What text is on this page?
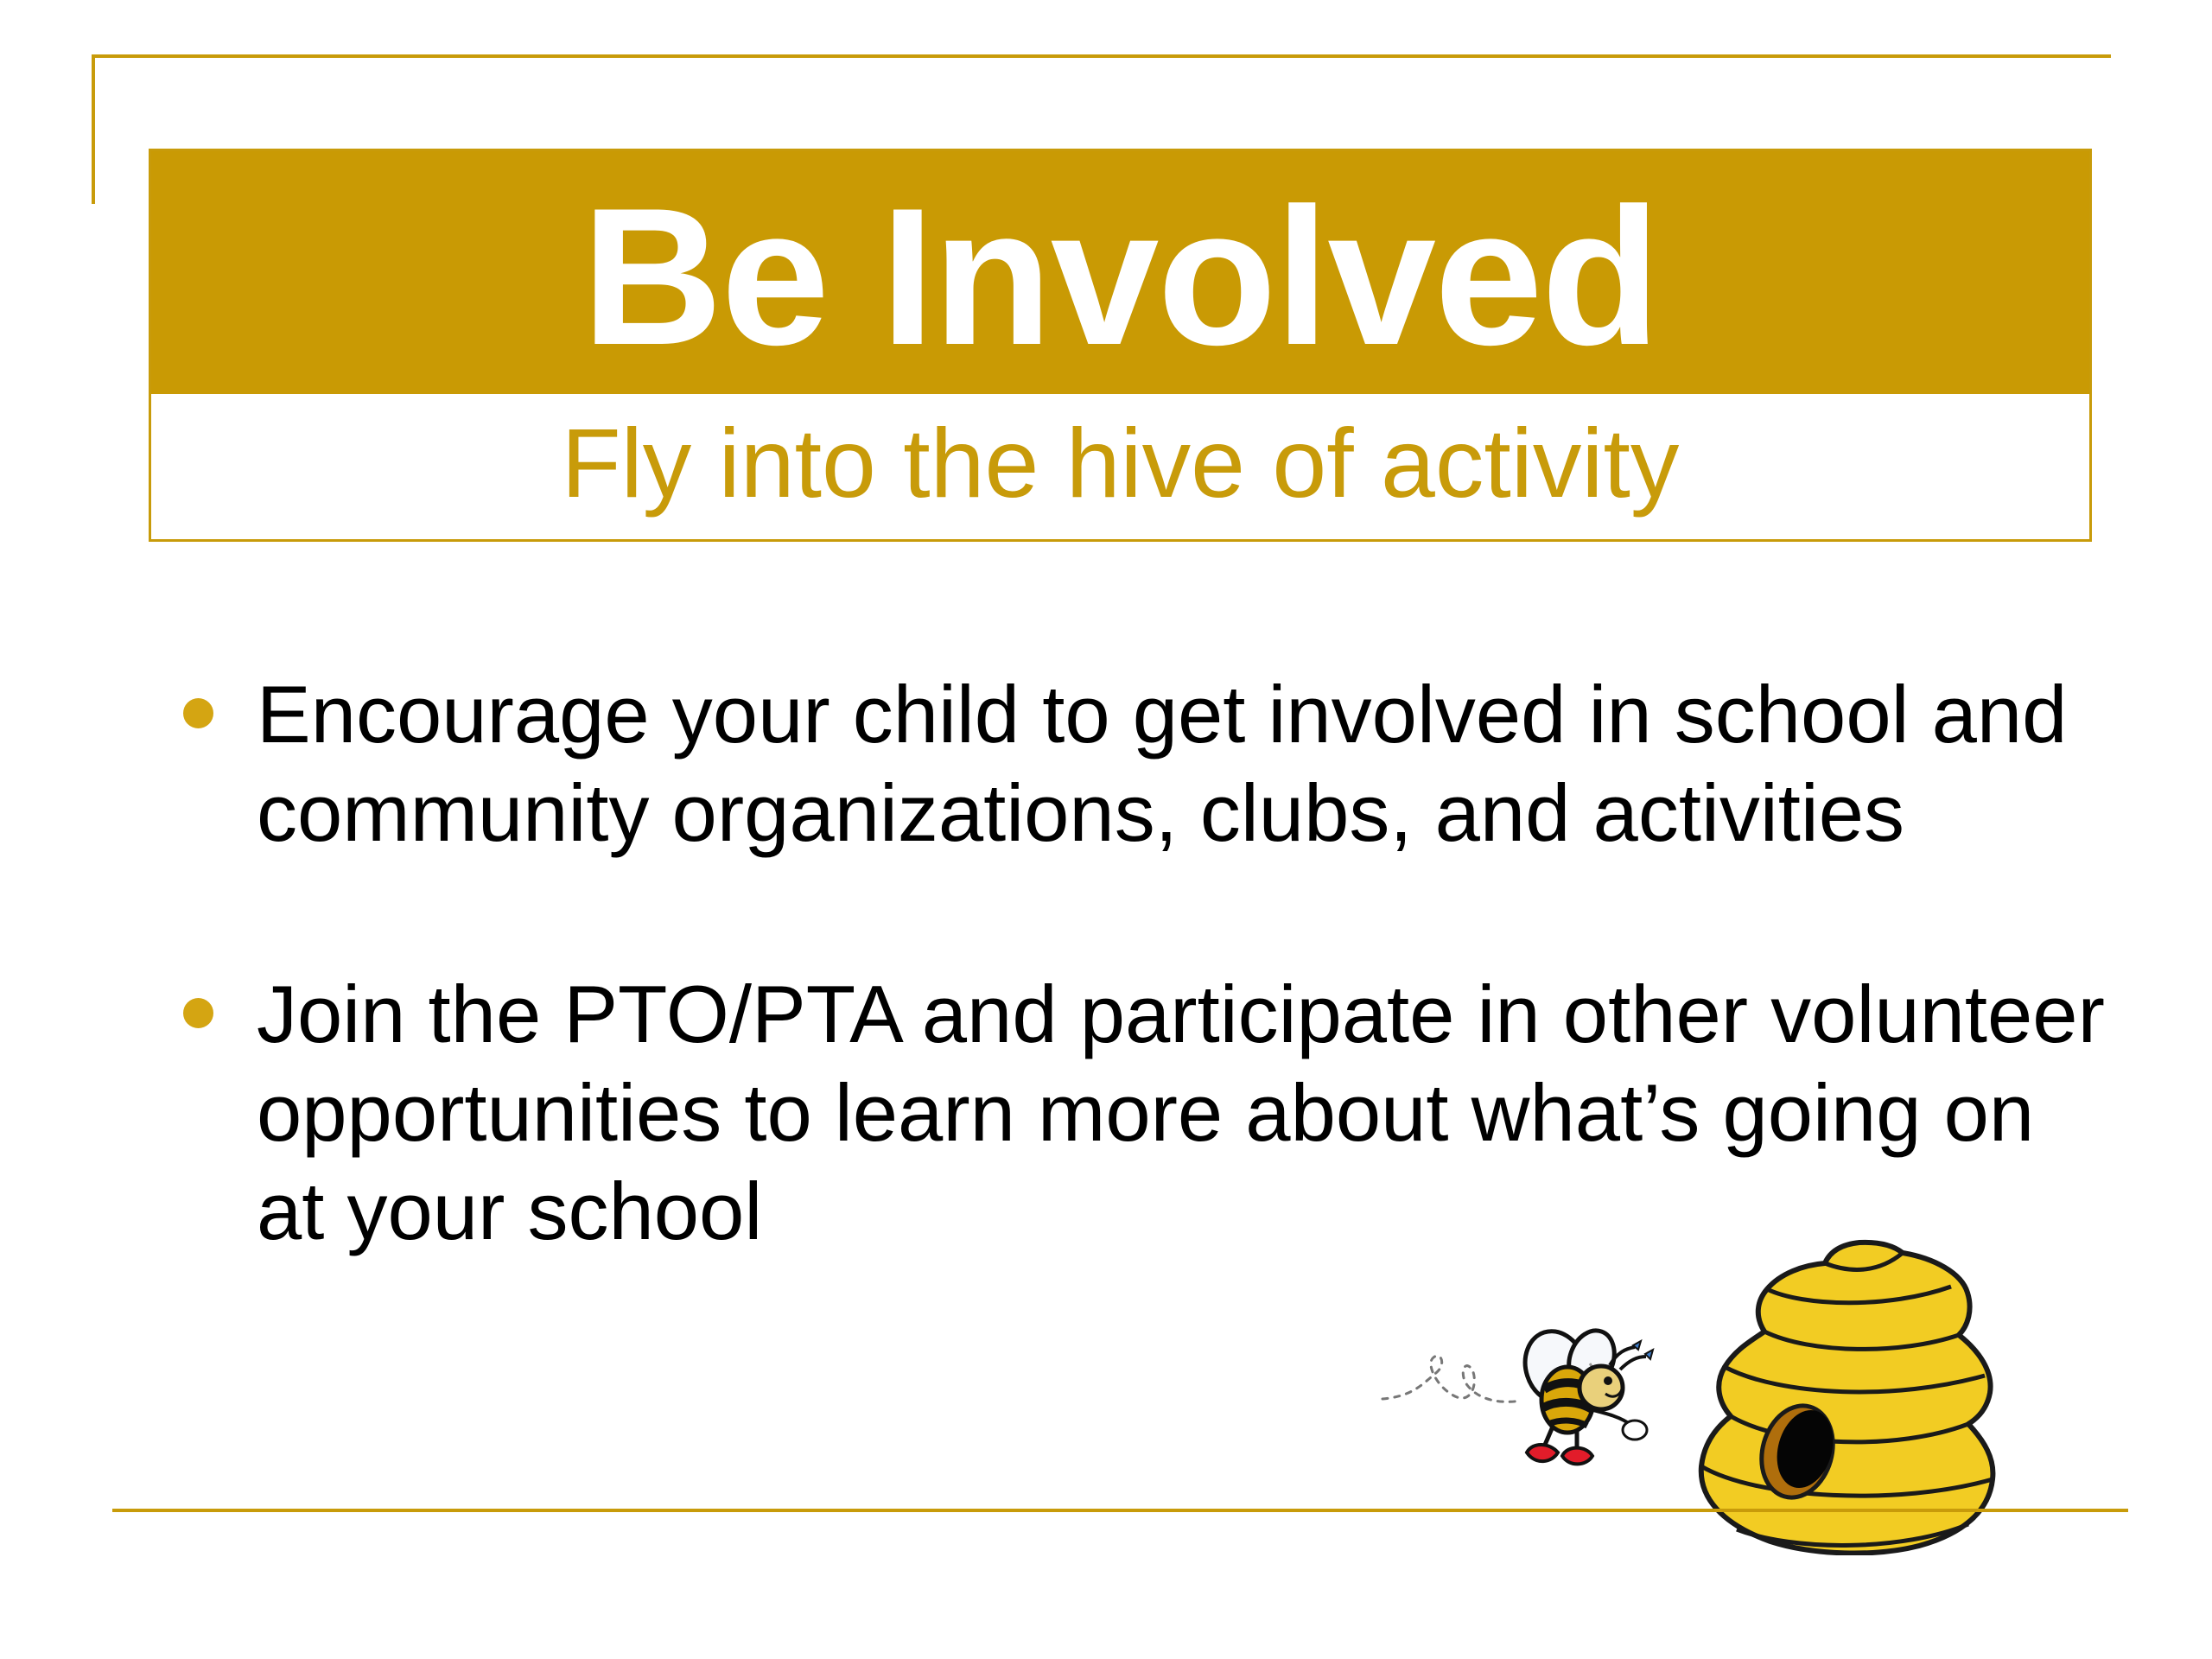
Be Involved

Fly into the hive of activity

Encourage your child to get involved in school and
community organizations, clubs, and activities
Join the PTO/PTA and participate in other volunteer
opportunities to learn more about what’s going on
at your school
